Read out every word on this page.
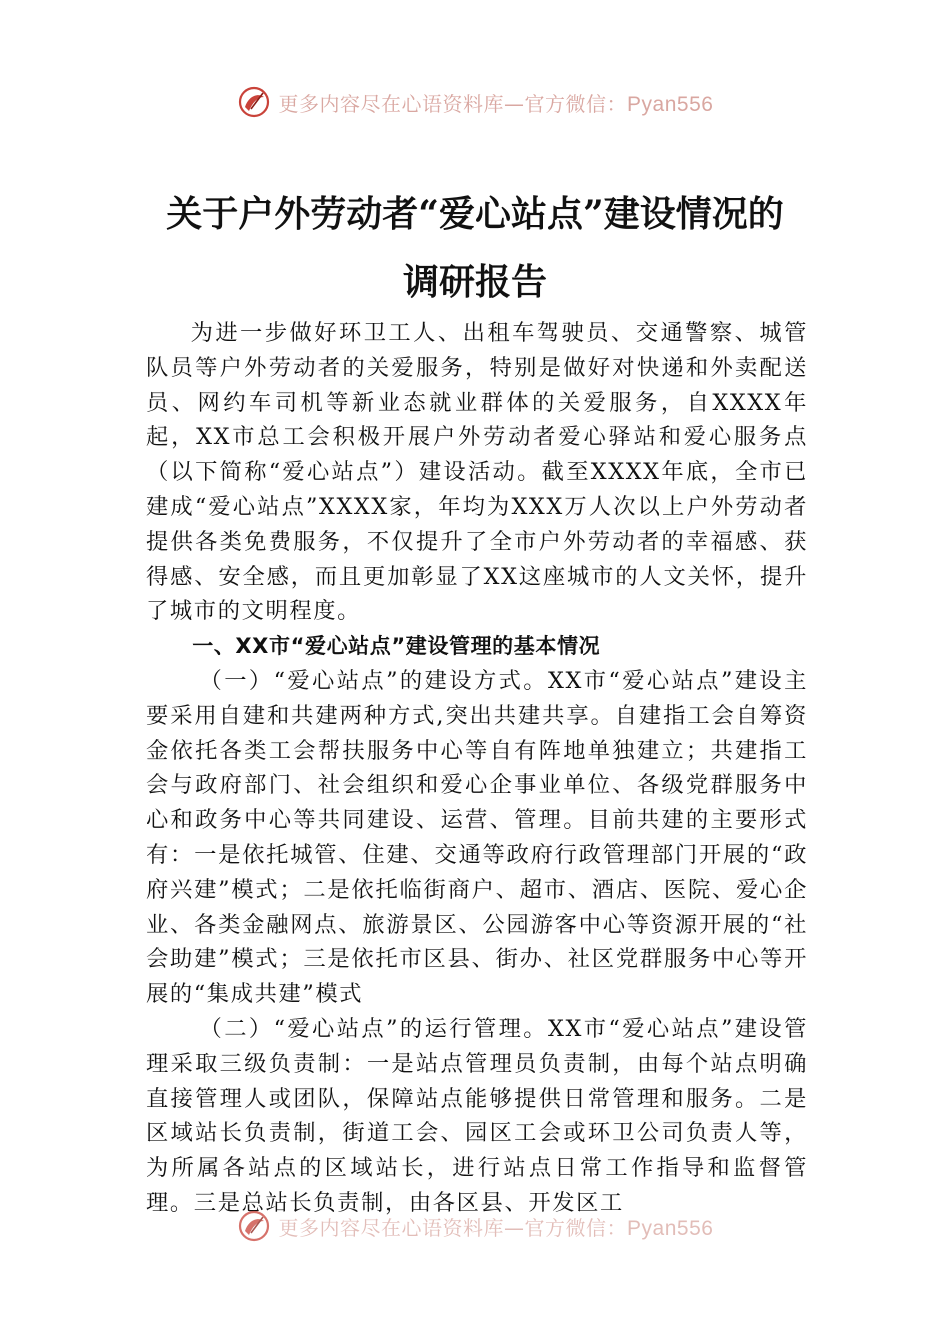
更多内容尽在心语资料库—官方微信：Pyan556
关于户外劳动者“爱心站点”建设情况的
调研报告

为进一步做好环卫工人、出租车驾驶员、交通警察、城管队员等户外劳动者的关爱服务，特别是做好对快递和外卖配送员、网约车司机等新业态就业群体的关爱服务，自XXXX年起，XX市总工会积极开展户外劳动者爱心驿站和爱心服务点（以下简称“爱心站点”）建设活动。截至XXXX年底，全市已建成“爱心站点”XXXX家，年均为XXX万人次以上户外劳动者提供各类免费服务，不仅提升了全市户外劳动者的幸福感、获得感、安全感，而且更加彰显了XX这座城市的人文关怀，提升了城市的文明程度。

一、XX市“爱心站点”建设管理的基本情况

（一）“爱心站点”的建设方式。XX市“爱心站点”建设主要采用自建和共建两种方式,突出共建共享。自建指工会自筹资金依托各类工会帮扶服务中心等自有阵地单独建立；共建指工会与政府部门、社会组织和爱心企事业单位、各级党群服务中心和政务中心等共同建设、运营、管理。目前共建的主要形式有：一是依托城管、住建、交通等政府行政管理部门开展的“政府兴建”模式；二是依托临街商户、超市、酒店、医院、爱心企业、各类金融网点、旅游景区、公园游客中心等资源开展的“社会助建”模式；三是依托市区县、街办、社区党群服务中心等开展的“集成共建”模式

（二）“爱心站点”的运行管理。XX市“爱心站点”建设管理采取三级负责制：一是站点管理员负责制，由每个站点明确直接管理人或团队，保障站点能够提供日常管理和服务。二是区域站长负责制，街道工会、园区工会或环卫公司负责人等，为所属各站点的区域站长，进行站点日常工作指导和监督管理。三是总站长负责制，由各区县、开发区工

更多内容尽在心语资料库—官方微信：Pyan556
